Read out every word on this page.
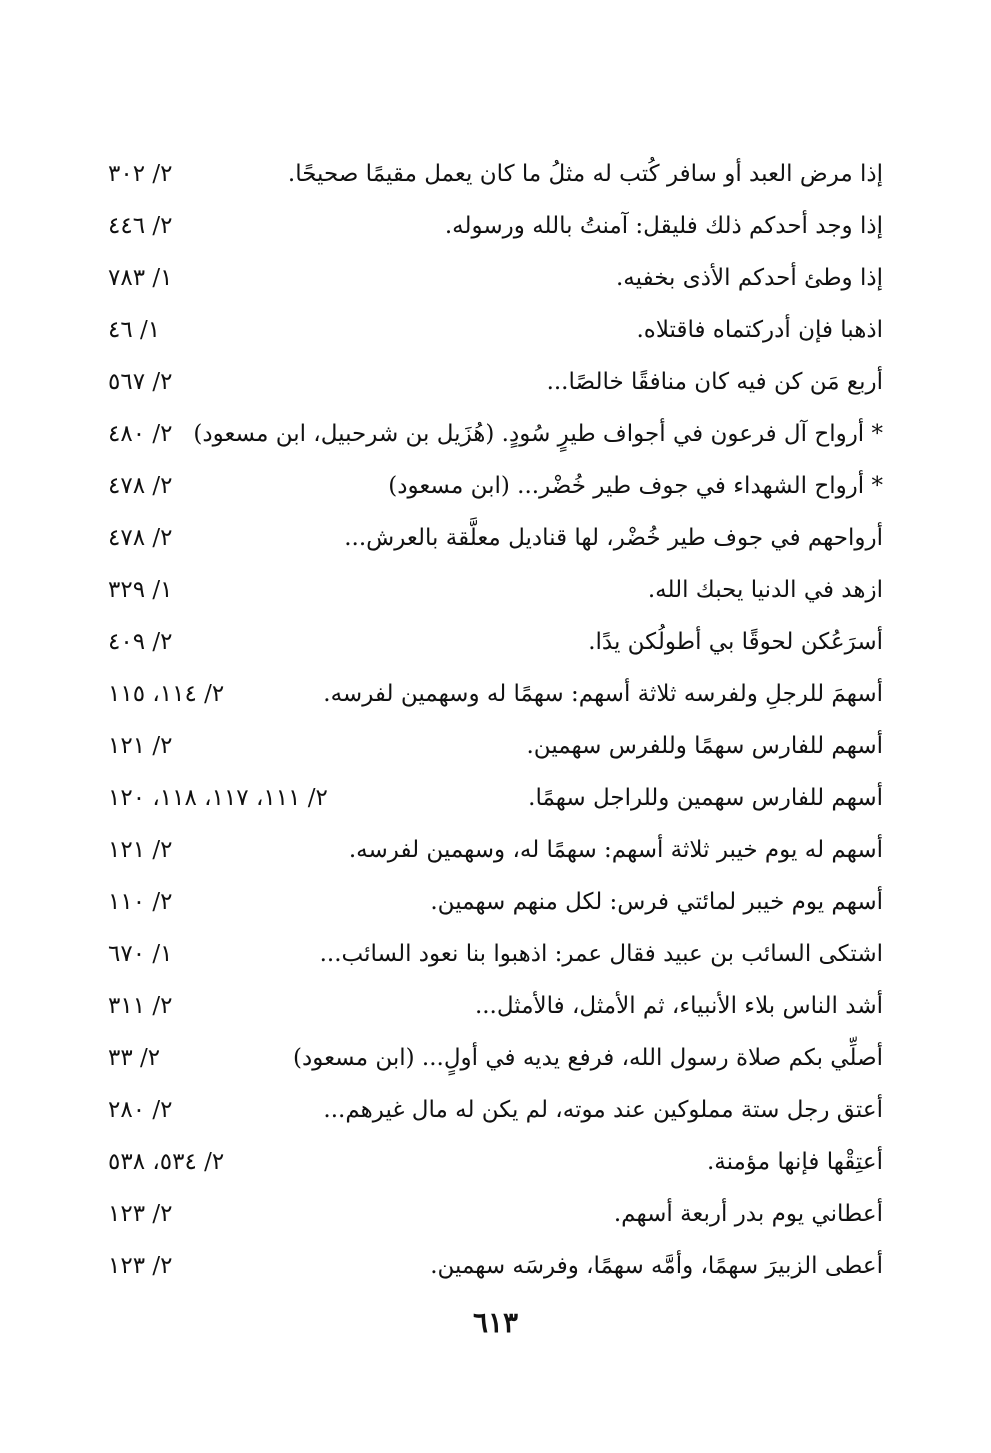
إذا مرض العبد أو سافر كُتب له مثلُ ما كان يعمل مقيمًا صحيحًا.
٢/ ٣٠٢
إذا وجد أحدكم ذلك فليقل: آمنتُ بالله ورسوله.
٢/ ٤٤٦
إذا وطئ أحدكم الأذى بخفيه.
١/ ٧٨٣
اذهبا فإن أدركتماه فاقتلاه.
١/ ٤٦
أربع مَن كن فيه كان منافقًا خالصًا...
٢/ ٥٦٧
* أرواح آل فرعون في أجواف طيرٍ سُودٍ. (هُزَيل بن شرحبيل، ابن مسعود)
٢/ ٤٨٠
* أرواح الشهداء في جوف طير خُضْر... (ابن مسعود)
٢/ ٤٧٨
أرواحهم في جوف طير خُضْر، لها قناديل معلَّقة بالعرش...
٢/ ٤٧٨
ازهد في الدنيا يحبك الله.
١/ ٣٢٩
أسرَعُكن لحوقًا بي أطولُكن يدًا.
٢/ ٤٠٩
أسهمَ للرجلِ ولفرسه ثلاثة أسهم: سهمًا له وسهمين لفرسه.
٢/ ١١٤، ١١٥
أسهم للفارس سهمًا وللفرس سهمين.
٢/ ١٢١
أسهم للفارس سهمين وللراجل سهمًا.
٢/ ١١١، ١١٧، ١١٨، ١٢٠
أسهم له يوم خيبر ثلاثة أسهم: سهمًا له، وسهمين لفرسه.
٢/ ١٢١
أسهم يوم خيبر لمائتي فرس: لكل منهم سهمين.
٢/ ١١٠
اشتكى السائب بن عبيد فقال عمر: اذهبوا بنا نعود السائب...
١/ ٦٧٠
أشد الناس بلاء الأنبياء، ثم الأمثل، فالأمثل...
٢/ ٣١١
أصلِّي بكم صلاة رسول الله، فرفع يديه في أولٍ... (ابن مسعود)
٢/ ٣٣
أعتق رجل ستة مملوكين عند موته، لم يكن له مال غيرهم...
٢/ ٢٨٠
أعتِقْها فإنها مؤمنة.
٢/ ٥٣٤، ٥٣٨
أعطاني يوم بدر أربعة أسهم.
٢/ ١٢٣
أعطى الزبيرَ سهمًا، وأمَّه سهمًا، وفرسَه سهمين.
٢/ ١٢٣
٦١٣
